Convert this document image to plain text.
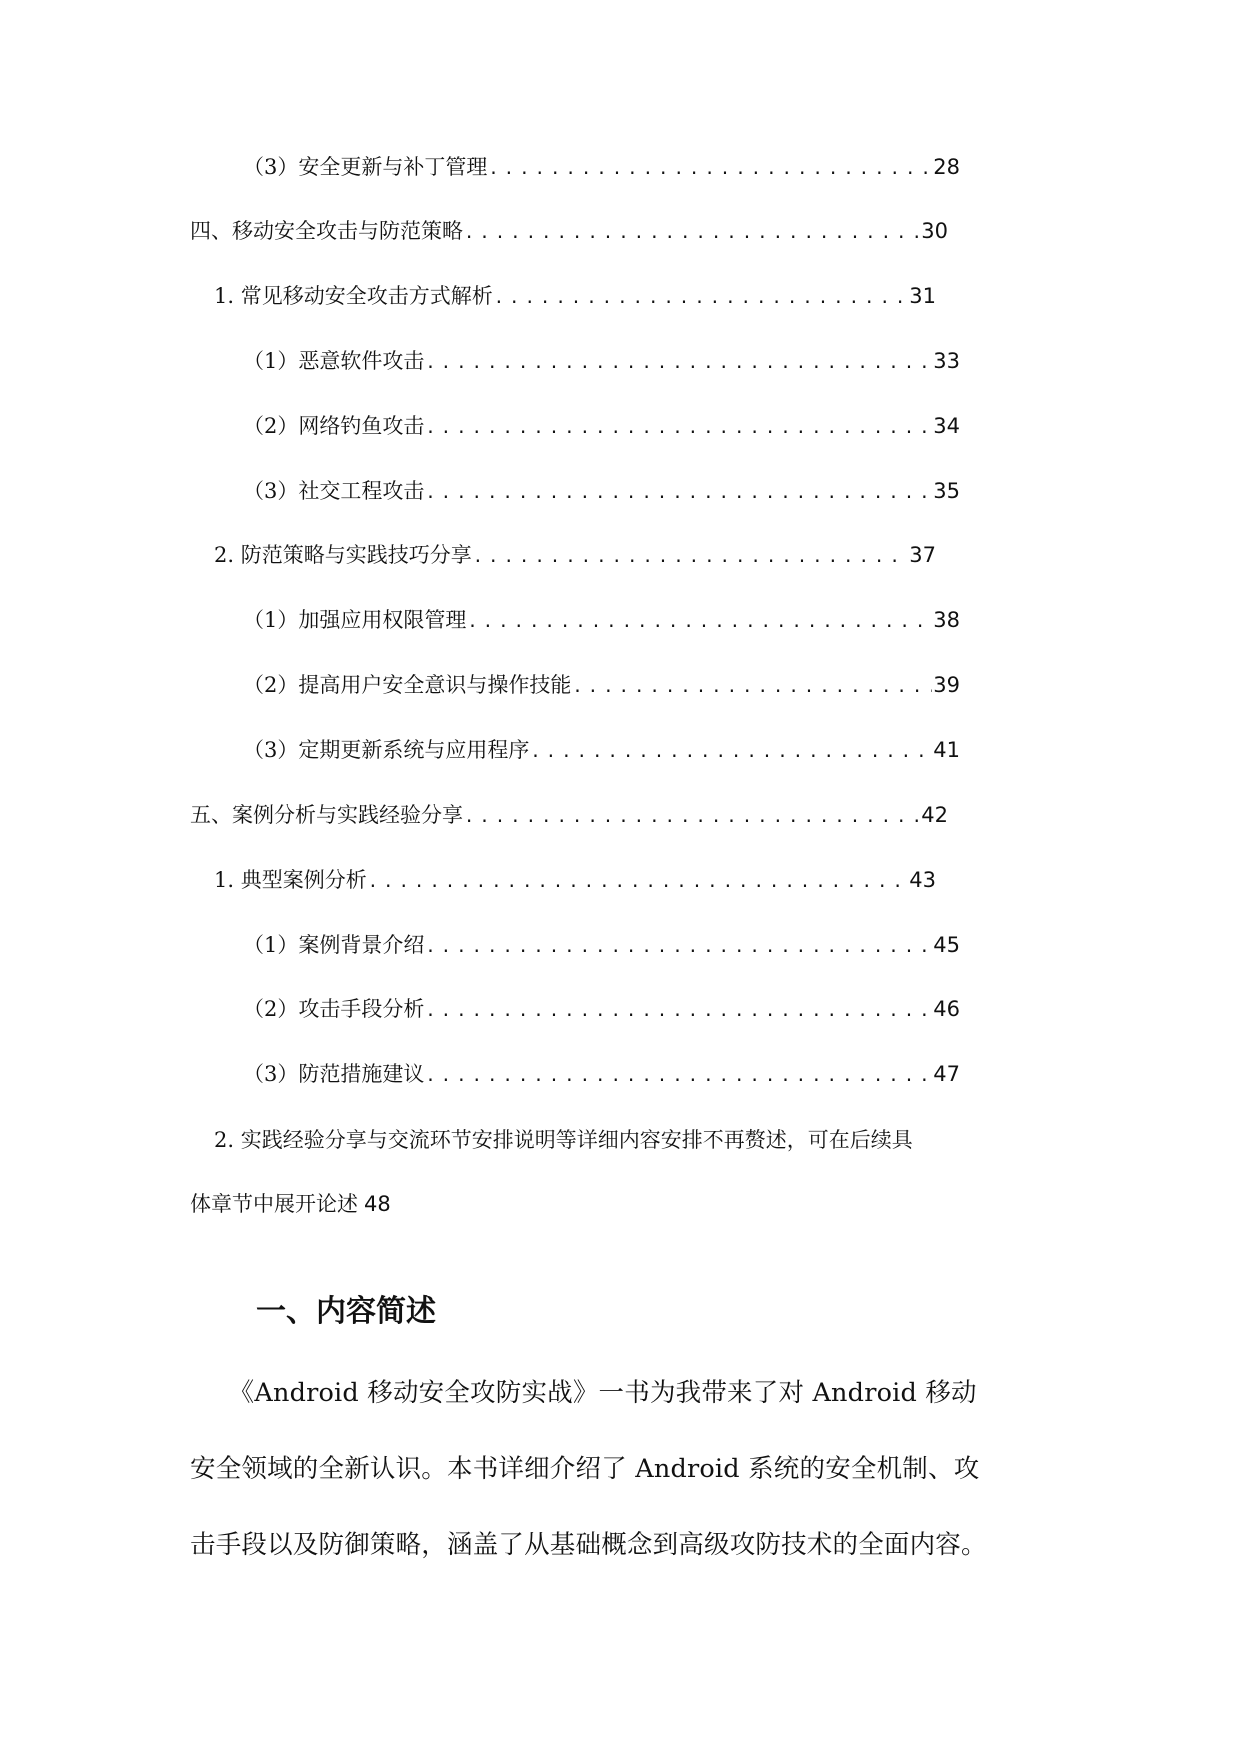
（3）安全更新与补丁管理 .....	28
四、移动安全攻击与防范策略 .....	30
1. 常见移动安全攻击方式解析 .....	31
（1）恶意软件攻击 .....	33
（2）网络钓鱼攻击 .....	34
（3）社交工程攻击 .....	35
2. 防范策略与实践技巧分享 .....	37
（1）加强应用权限管理 .....	38
（2）提高用户安全意识与操作技能 .....	39
（3）定期更新系统与应用程序 .....	41
五、案例分析与实践经验分享 .....	42
1. 典型案例分析 .....	43
（1）案例背景介绍 .....	45
（2）攻击手段分析 .....	46
（3）防范措施建议 .....	47
2. 实践经验分享与交流环节安排说明等详细内容安排不再赘述，可在后续具
体章节中展开论述 48
一、内容简述
　　《Android 移动安全攻防实战》一书为我带来了对 Android 移动
安全领域的全新认识。本书详细介绍了 Android 系统的安全机制、攻
击手段以及防御策略，涵盖了从基础概念到高级攻防技术的全面内容。
